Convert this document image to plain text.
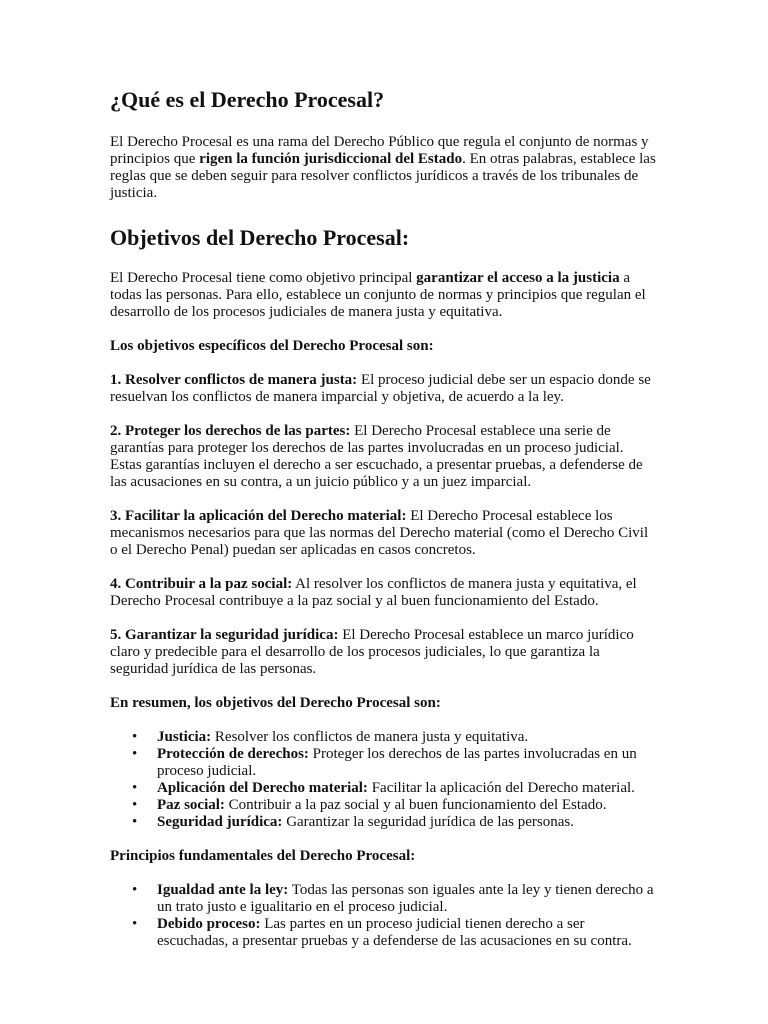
¿Qué es el Derecho Procesal?

El Derecho Procesal es una rama del Derecho Público que regula el conjunto de normas y principios que rigen la función jurisdiccional del Estado. En otras palabras, establece las reglas que se deben seguir para resolver conflictos jurídicos a través de los tribunales de justicia.

Objetivos del Derecho Procesal:

El Derecho Procesal tiene como objetivo principal garantizar el acceso a la justicia a todas las personas. Para ello, establece un conjunto de normas y principios que regulan el desarrollo de los procesos judiciales de manera justa y equitativa.

Los objetivos específicos del Derecho Procesal son:

1. Resolver conflictos de manera justa: El proceso judicial debe ser un espacio donde se resuelvan los conflictos de manera imparcial y objetiva, de acuerdo a la ley.

2. Proteger los derechos de las partes: El Derecho Procesal establece una serie de garantías para proteger los derechos de las partes involucradas en un proceso judicial. Estas garantías incluyen el derecho a ser escuchado, a presentar pruebas, a defenderse de las acusaciones en su contra, a un juicio público y a un juez imparcial.

3. Facilitar la aplicación del Derecho material: El Derecho Procesal establece los mecanismos necesarios para que las normas del Derecho material (como el Derecho Civil o el Derecho Penal) puedan ser aplicadas en casos concretos.

4. Contribuir a la paz social: Al resolver los conflictos de manera justa y equitativa, el Derecho Procesal contribuye a la paz social y al buen funcionamiento del Estado.

5. Garantizar la seguridad jurídica: El Derecho Procesal establece un marco jurídico claro y predecible para el desarrollo de los procesos judiciales, lo que garantiza la seguridad jurídica de las personas.

En resumen, los objetivos del Derecho Procesal son:

• Justicia: Resolver los conflictos de manera justa y equitativa.
• Protección de derechos: Proteger los derechos de las partes involucradas en un proceso judicial.
• Aplicación del Derecho material: Facilitar la aplicación del Derecho material.
• Paz social: Contribuir a la paz social y al buen funcionamiento del Estado.
• Seguridad jurídica: Garantizar la seguridad jurídica de las personas.

Principios fundamentales del Derecho Procesal:

• Igualdad ante la ley: Todas las personas son iguales ante la ley y tienen derecho a un trato justo e igualitario en el proceso judicial.
• Debido proceso: Las partes en un proceso judicial tienen derecho a ser escuchadas, a presentar pruebas y a defenderse de las acusaciones en su contra.
